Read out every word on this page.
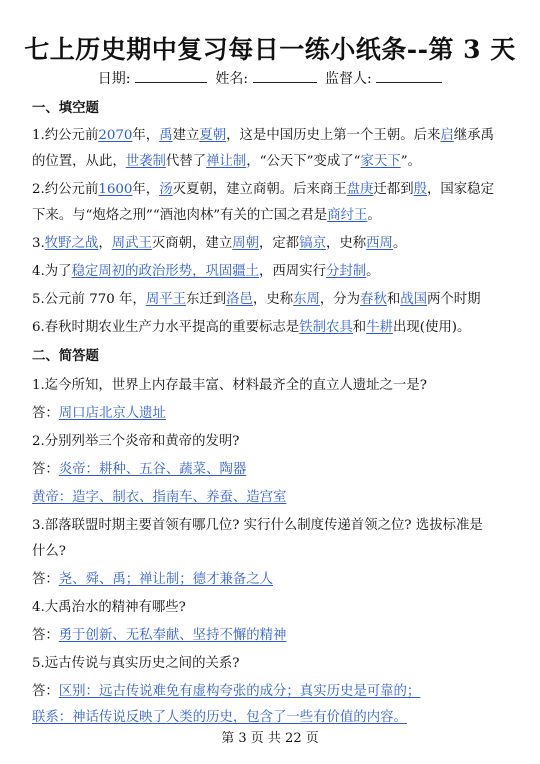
七上历史期中复习每日一练小纸条--第 3 天
日期:	姓名:	监督人:
一、填空题
1.约公元前2070年，禹建立夏朝，这是中国历史上第一个王朝。后来启继承禹
的位置，从此，世袭制代替了禅让制，“公天下”变成了“家天下”。
2.约公元前1600年，汤灭夏朝，建立商朝。后来商王盘庚迁都到殷，国家稳定
下来。与“炮烙之刑”“酒池肉林”有关的亡国之君是商纣王。
3.牧野之战，周武王灭商朝，建立周朝，定都镐京，史称西周。
4.为了稳定周初的政治形势，巩固疆土，西周实行分封制。
5.公元前 770 年，周平王东迁到洛邑，史称东周，分为春秋和战国两个时期
6.春秋时期农业生产力水平提高的重要标志是铁制农具和牛耕出现(使用)。
二、简答题
1.迄今所知，世界上内存最丰富、材料最齐全的直立人遗址之一是?
答：周口店北京人遗址
2.分别列举三个炎帝和黄帝的发明?
答：炎帝：耕种、五谷、蔬菜、陶器
黄帝：造字、制衣、指南车、养蚕、造宫室
3.部落联盟时期主要首领有哪几位? 实行什么制度传递首领之位? 选拔标准是
什么?
答：尧、舜、禹；禅让制；德才兼备之人
4.大禹治水的精神有哪些?
答：勇于创新、无私奉献、坚持不懈的精神
5.远古传说与真实历史之间的关系?
答：区别：远古传说难免有虚构夸张的成分；真实历史是可靠的；
联系：神话传说反映了人类的历史，包含了一些有价值的内容。
第 3 页 共 22 页
